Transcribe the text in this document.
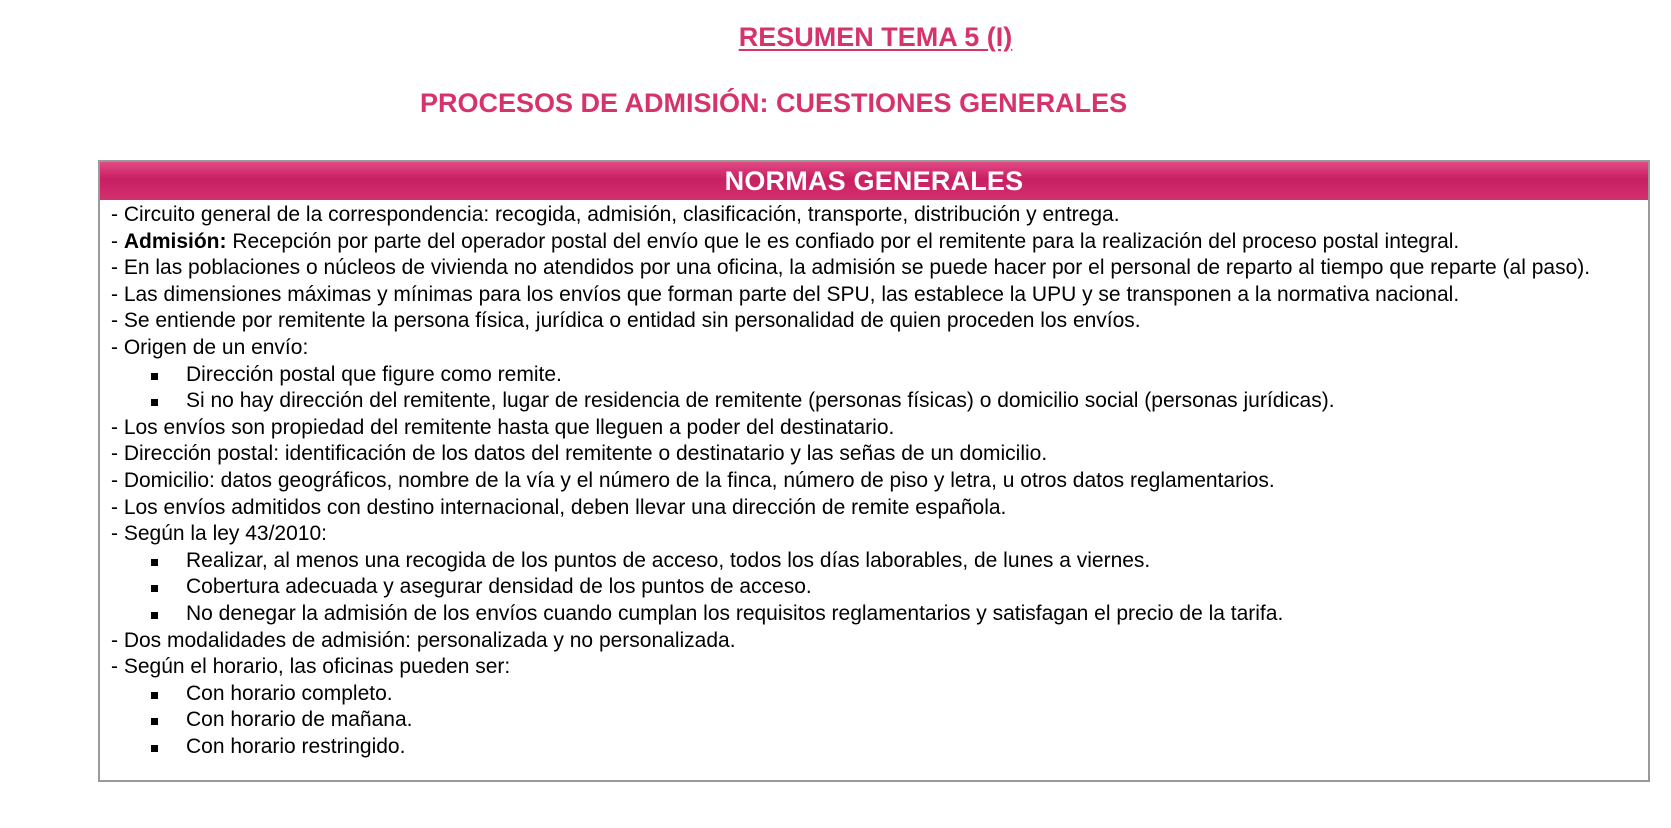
RESUMEN TEMA 5 (I)
PROCESOS DE ADMISIÓN: CUESTIONES GENERALES
NORMAS GENERALES
- Circuito general de la correspondencia: recogida, admisión, clasificación, transporte, distribución y entrega.
- Admisión: Recepción por parte del operador postal del envío que le es confiado por el remitente para la realización del proceso postal integral.
- En las poblaciones o núcleos de vivienda no atendidos por una oficina, la admisión se puede hacer por el personal de reparto al tiempo que reparte (al paso).
- Las dimensiones máximas y mínimas para los envíos que forman parte del SPU, las establece la UPU y se transponen a la normativa nacional.
- Se entiende por remitente la persona física, jurídica o entidad sin personalidad de quien proceden los envíos.
- Origen de un envío:
Dirección postal que figure como remite.
Si no hay dirección del remitente, lugar de residencia de remitente (personas físicas) o domicilio social (personas jurídicas).
- Los envíos son propiedad del remitente hasta que lleguen a poder del destinatario.
- Dirección postal: identificación de los datos del remitente o destinatario y las señas de un domicilio.
- Domicilio: datos geográficos, nombre de la vía y el número de la finca, número de piso y letra, u otros datos reglamentarios.
- Los envíos admitidos con destino internacional, deben llevar una dirección de remite española.
- Según la ley 43/2010:
Realizar, al menos una recogida de los puntos de acceso, todos los días laborables, de lunes a viernes.
Cobertura adecuada y asegurar densidad de los puntos de acceso.
No denegar la admisión de los envíos cuando cumplan los requisitos reglamentarios y satisfagan el precio de la tarifa.
- Dos modalidades de admisión: personalizada y no personalizada.
- Según el horario, las oficinas pueden ser:
Con horario completo.
Con horario de mañana.
Con horario restringido.
